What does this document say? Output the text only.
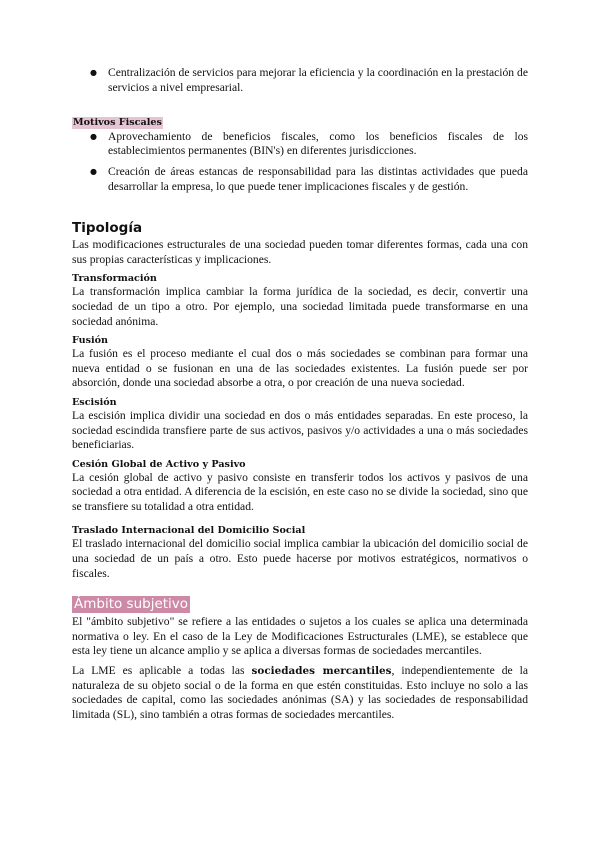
● Centralización de servicios para mejorar la eficiencia y la coordinación en la prestación de servicios a nivel empresarial.
Motivos Fiscales
● Aprovechamiento de beneficios fiscales, como los beneficios fiscales de los establecimientos permanentes (BIN's) en diferentes jurisdicciones.
● Creación de áreas estancas de responsabilidad para las distintas actividades que pueda desarrollar la empresa, lo que puede tener implicaciones fiscales y de gestión.
Tipología

Las modificaciones estructurales de una sociedad pueden tomar diferentes formas, cada una con sus propias características y implicaciones.

Transformación

La transformación implica cambiar la forma jurídica de la sociedad, es decir, convertir una sociedad de un tipo a otro. Por ejemplo, una sociedad limitada puede transformarse en una sociedad anónima.

Fusión

La fusión es el proceso mediante el cual dos o más sociedades se combinan para formar una nueva entidad o se fusionan en una de las sociedades existentes. La fusión puede ser por absorción, donde una sociedad absorbe a otra, o por creación de una nueva sociedad.

Escisión

La escisión implica dividir una sociedad en dos o más entidades separadas. En este proceso, la sociedad escindida transfiere parte de sus activos, pasivos y/o actividades a una o más sociedades beneficiarias.

Cesión Global de Activo y Pasivo

La cesión global de activo y pasivo consiste en transferir todos los activos y pasivos de una sociedad a otra entidad. A diferencia de la escisión, en este caso no se divide la sociedad, sino que se transfiere su totalidad a otra entidad.

Traslado Internacional del Domicilio Social

El traslado internacional del domicilio social implica cambiar la ubicación del domicilio social de una sociedad de un país a otro. Esto puede hacerse por motivos estratégicos, normativos o fiscales.

Ámbito subjetivo

El "ámbito subjetivo" se refiere a las entidades o sujetos a los cuales se aplica una determinada normativa o ley. En el caso de la Ley de Modificaciones Estructurales (LME), se establece que esta ley tiene un alcance amplio y se aplica a diversas formas de sociedades mercantiles.

La LME es aplicable a todas las sociedades mercantiles, independientemente de la naturaleza de su objeto social o de la forma en que estén constituidas. Esto incluye no solo a las sociedades de capital, como las sociedades anónimas (SA) y las sociedades de responsabilidad limitada (SL), sino también a otras formas de sociedades mercantiles.
